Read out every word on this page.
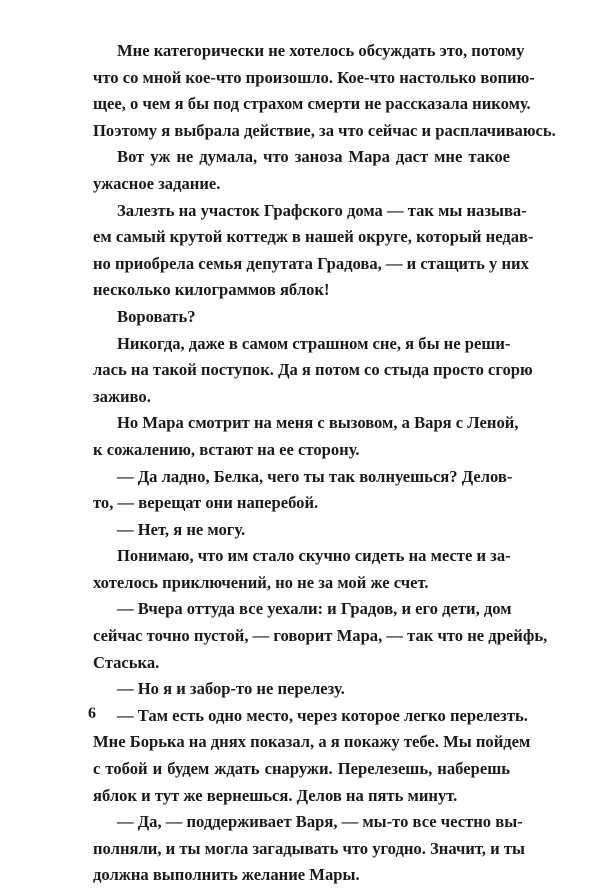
Мне категорически не хотелось обсуждать это, потому
что со мной кое-что произошло. Кое-что настолько вопию-
щее, о чем я бы под страхом смерти не рассказала никому.
Поэтому я выбрала действие, за что сейчас и расплачиваюсь.
Вот уж не думала, что заноза Мара даст мне такое
ужасное задание.
Залезть на участок Графского дома — так мы называ-
ем самый крутой коттедж в нашей округе, который недав-
но приобрела семья депутата Градова, — и стащить у них
несколько килограммов яблок!
Воровать?
Никогда, даже в самом страшном сне, я бы не реши-
лась на такой поступок. Да я потом со стыда просто сгорю
заживо.
Но Мара смотрит на меня с вызовом, а Варя с Леной,
к сожалению, встают на ее сторону.
— Да ладно, Белка, чего ты так волнуешься? Делов-
то, — верещат они наперебой.
— Нет, я не могу.
Понимаю, что им стало скучно сидеть на месте и за-
хотелось приключений, но не за мой же счет.
— Вчера оттуда все уехали: и Градов, и его дети, дом
сейчас точно пустой, — говорит Мара, — так что не дрейфь,
Стаська.
— Но я и забор-то не перелезу.
— Там есть одно место, через которое легко перелезть.
Мне Борька на днях показал, а я покажу тебе. Мы пойдем
с тобой и будем ждать снаружи. Перелезешь, наберешь
яблок и тут же вернешься. Делов на пять минут.
— Да, — поддерживает Варя, — мы-то все честно вы-
полняли, и ты могла загадывать что угодно. Значит, и ты
должна выполнить желание Мары.
6
